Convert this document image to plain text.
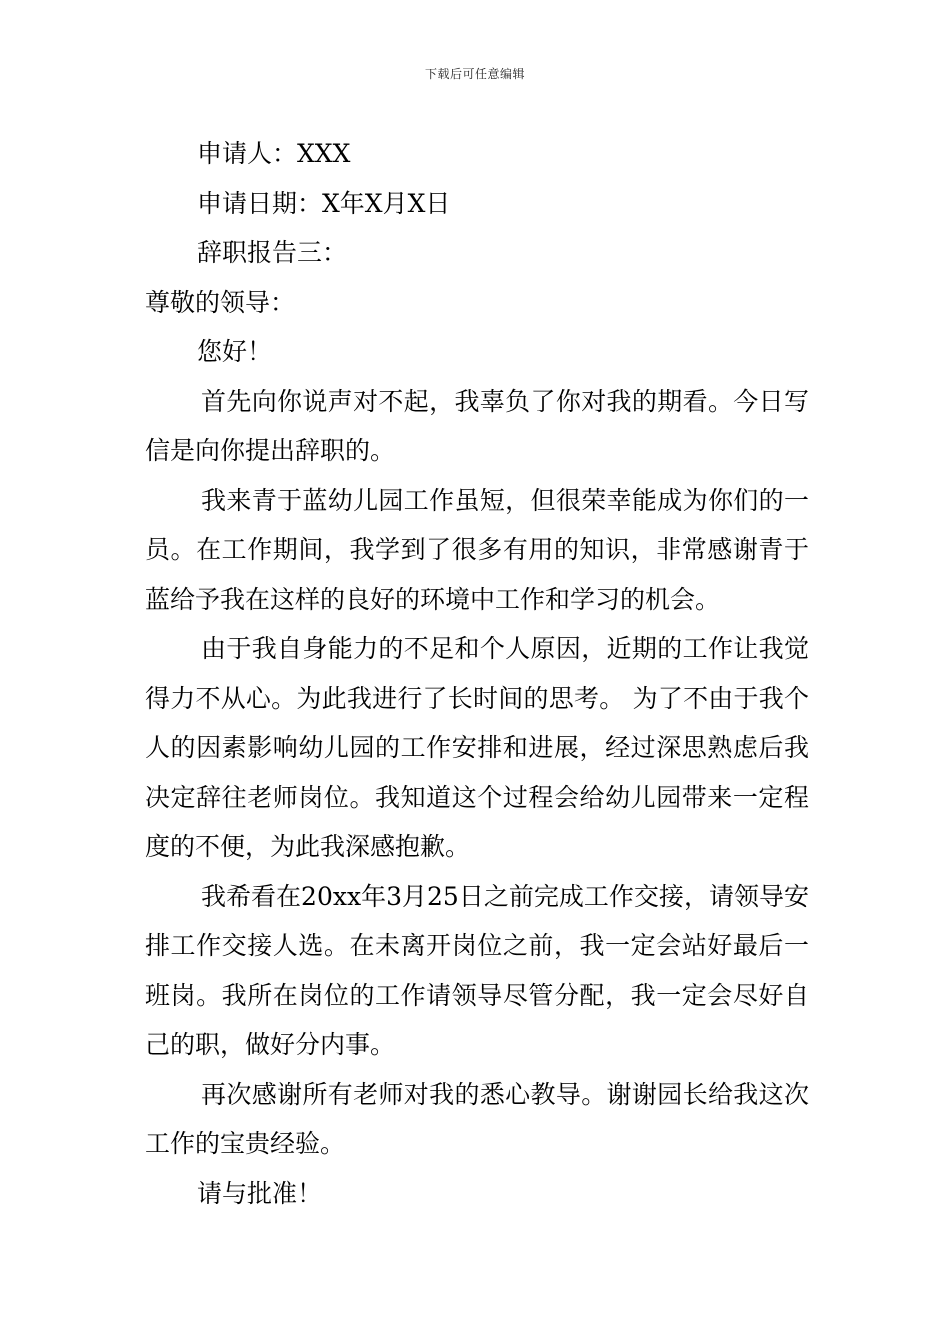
下载后可任意编辑
申请人：XXX
申请日期：X年X月X日
辞职报告三：
尊敬的领导：
您好！
首先向你说声对不起，我辜负了你对我的期看。今日写信是向你提出辞职的。
我来青于蓝幼儿园工作虽短，但很荣幸能成为你们的一员。在工作期间，我学到了很多有用的知识，非常感谢青于蓝给予我在这样的良好的环境中工作和学习的机会。
由于我自身能力的不足和个人原因，近期的工作让我觉得力不从心。为此我进行了长时间的思考。 为了不由于我个人的因素影响幼儿园的工作安排和进展，经过深思熟虑后我决定辞往老师岗位。我知道这个过程会给幼儿园带来一定程度的不便，为此我深感抱歉。
我希看在20xx年3月25日之前完成工作交接，请领导安排工作交接人选。在未离开岗位之前，我一定会站好最后一班岗。我所在岗位的工作请领导尽管分配，我一定会尽好自己的职，做好分内事。
再次感谢所有老师对我的悉心教导。谢谢园长给我这次工作的宝贵经验。
请与批准！
